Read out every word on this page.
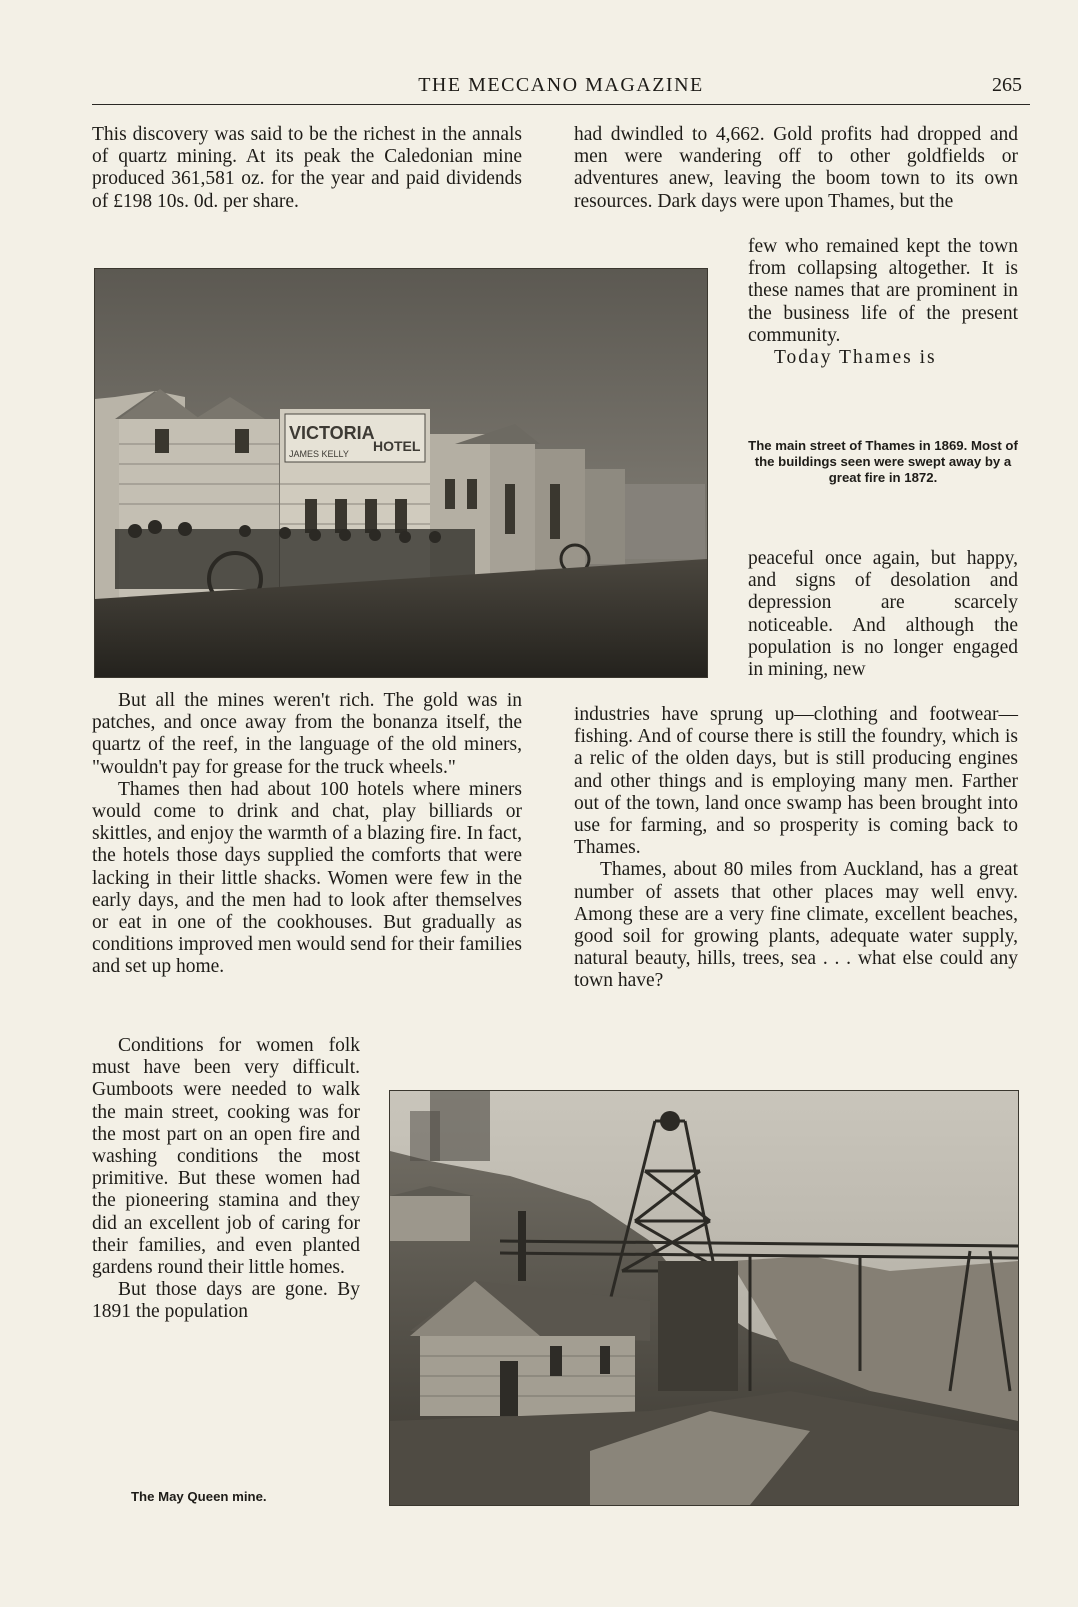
THE MECCANO MAGAZINE	265

This discovery was said to be the richest in the annals of quartz mining. At its peak the Caledonian mine produced 361,581 oz. for the year and paid dividends of £198 10s. 0d. per share.

VICTORIA
HOTEL
JAMES KELLY

But all the mines weren't rich. The gold was in patches, and once away from the bonanza itself, the quartz of the reef, in the language of the old miners, "wouldn't pay for grease for the truck wheels."

Thames then had about 100 hotels where miners would come to drink and chat, play billiards or skittles, and enjoy the warmth of a blazing fire. In fact, the hotels those days supplied the comforts that were lacking in their little shacks. Women were few in the early days, and the men had to look after themselves or eat in one of the cookhouses. But gradually as conditions improved men would send for their families and set up home.

Conditions for women folk must have been very difficult. Gumboots were needed to walk the main street, cooking was for the most part on an open fire and washing conditions the most primitive. But these women had the pioneering stamina and they did an excellent job of caring for their families, and even planted gardens round their little homes.

But those days are gone. By 1891 the population

The May Queen mine.

had dwindled to 4,662. Gold profits had dropped and men were wandering off to other goldfields or adventures anew, leaving the boom town to its own resources. Dark days were upon Thames, but the

few who remained kept the town from collapsing altogether. It is these names that are prominent in the business life of the present community.

Today Thames is

The main street of Thames in 1869. Most of the buildings seen were swept away by a great fire in 1872.

peaceful once again, but happy, and signs of desolation and depression are scarcely noticeable. And although the population is no longer engaged in mining, new

industries have sprung up—clothing and footwear—fishing. And of course there is still the foundry, which is a relic of the olden days, but is still producing engines and other things and is employing many men. Farther out of the town, land once swamp has been brought into use for farming, and so prosperity is coming back to Thames.

Thames, about 80 miles from Auckland, has a great number of assets that other places may well envy. Among these are a very fine climate, excellent beaches, good soil for growing plants, adequate water supply, natural beauty, hills, trees, sea . . . what else could any town have?
